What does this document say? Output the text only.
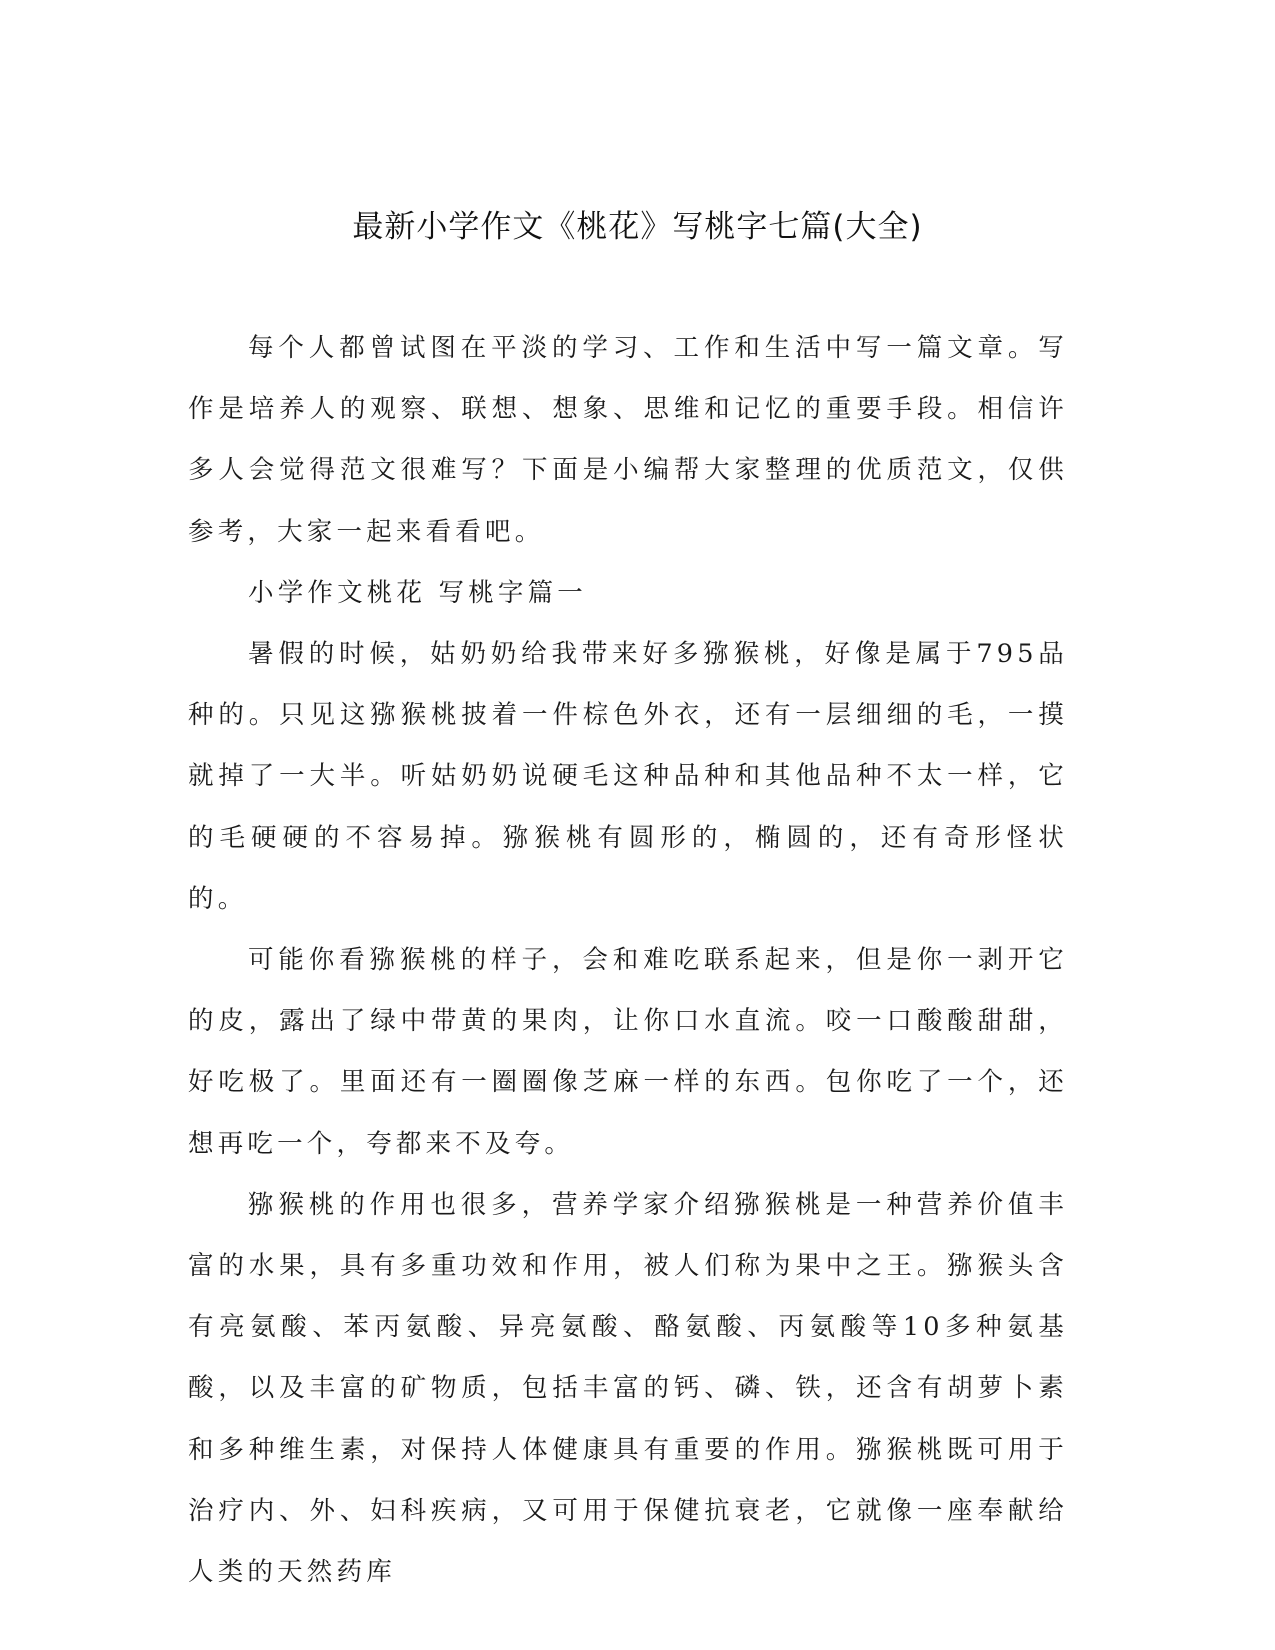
最新小学作文《桃花》写桃字七篇(大全)

每个人都曾试图在平淡的学习、工作和生活中写一篇文章。写作是培养人的观察、联想、想象、思维和记忆的重要手段。相信许多人会觉得范文很难写？下面是小编帮大家整理的优质范文，仅供参考，大家一起来看看吧。

小学作文桃花 写桃字篇一

暑假的时候，姑奶奶给我带来好多猕猴桃，好像是属于795品种的。只见这猕猴桃披着一件棕色外衣，还有一层细细的毛，一摸就掉了一大半。听姑奶奶说硬毛这种品种和其他品种不太一样，它的毛硬硬的不容易掉。猕猴桃有圆形的，椭圆的，还有奇形怪状的。

可能你看猕猴桃的样子，会和难吃联系起来，但是你一剥开它的皮，露出了绿中带黄的果肉，让你口水直流。咬一口酸酸甜甜，好吃极了。里面还有一圈圈像芝麻一样的东西。包你吃了一个，还想再吃一个，夸都来不及夸。

猕猴桃的作用也很多，营养学家介绍猕猴桃是一种营养价值丰富的水果，具有多重功效和作用，被人们称为果中之王。猕猴头含有亮氨酸、苯丙氨酸、异亮氨酸、酪氨酸、丙氨酸等10多种氨基酸，以及丰富的矿物质，包括丰富的钙、磷、铁，还含有胡萝卜素和多种维生素，对保持人体健康具有重要的作用。猕猴桃既可用于治疗内、外、妇科疾病，又可用于保健抗衰老，它就像一座奉献给人类的天然药库
